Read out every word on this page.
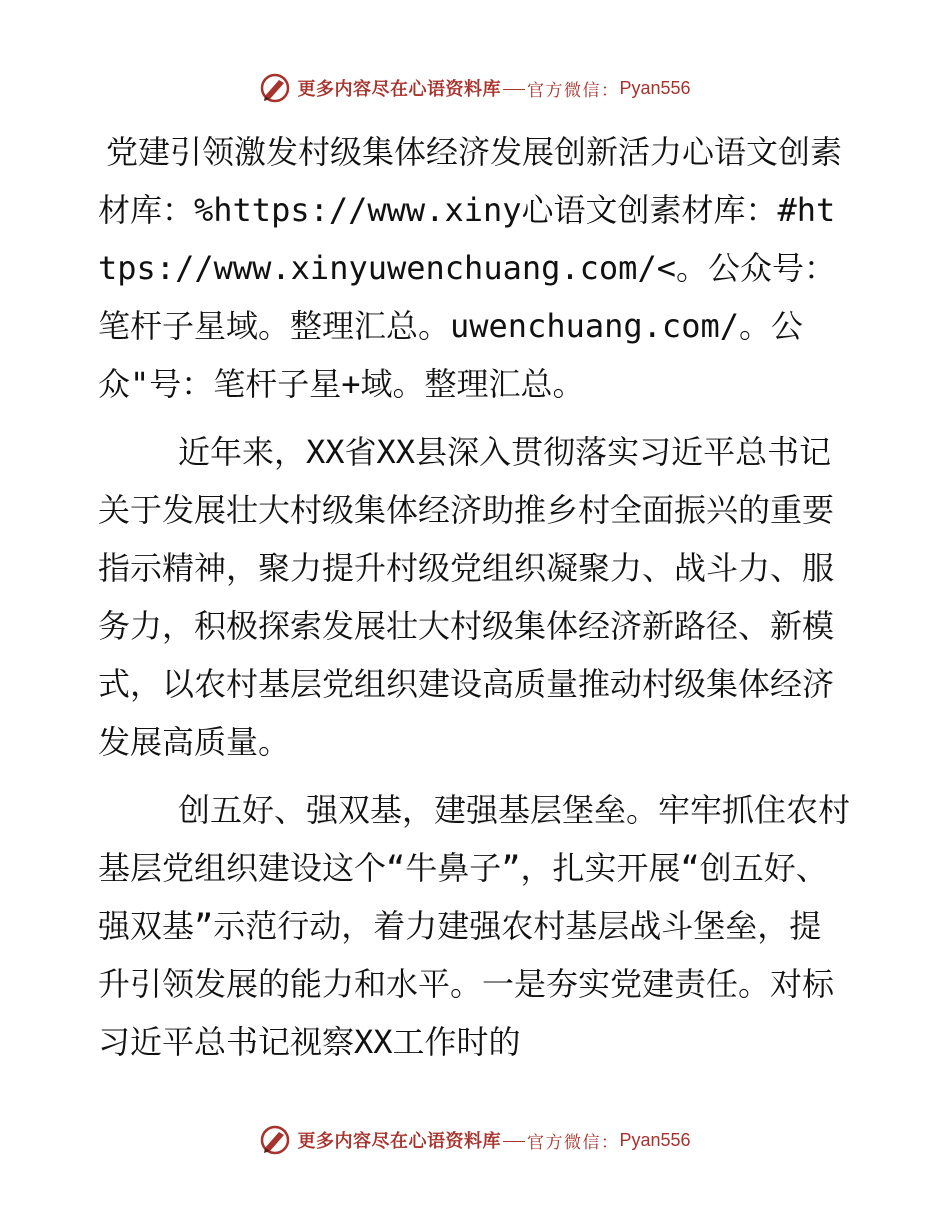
更多内容尽在心语资料库 官方微信： Pyan556

党建引领激发村级集体经济发展创新活力心语文创素材库：%https://www.xiny心语文创素材库：#https://www.xinyuwenchuang.com/<。公众号：笔杆子星域。整理汇总。uwenchuang.com/。公众"号：笔杆子星+域。整理汇总。

近年来，XX省XX县深入贯彻落实习近平总书记关于发展壮大村级集体经济助推乡村全面振兴的重要指示精神，聚力提升村级党组织凝聚力、战斗力、服务力，积极探索发展壮大村级集体经济新路径、新模式，以农村基层党组织建设高质量推动村级集体经济发展高质量。

创五好、强双基，建强基层堡垒。牢牢抓住农村基层党组织建设这个“牛鼻子”，扎实开展“创五好、强双基”示范行动，着力建强农村基层战斗堡垒，提升引领发展的能力和水平。一是夯实党建责任。对标习近平总书记视察XX工作时的

更多内容尽在心语资料库 官方微信： Pyan556
